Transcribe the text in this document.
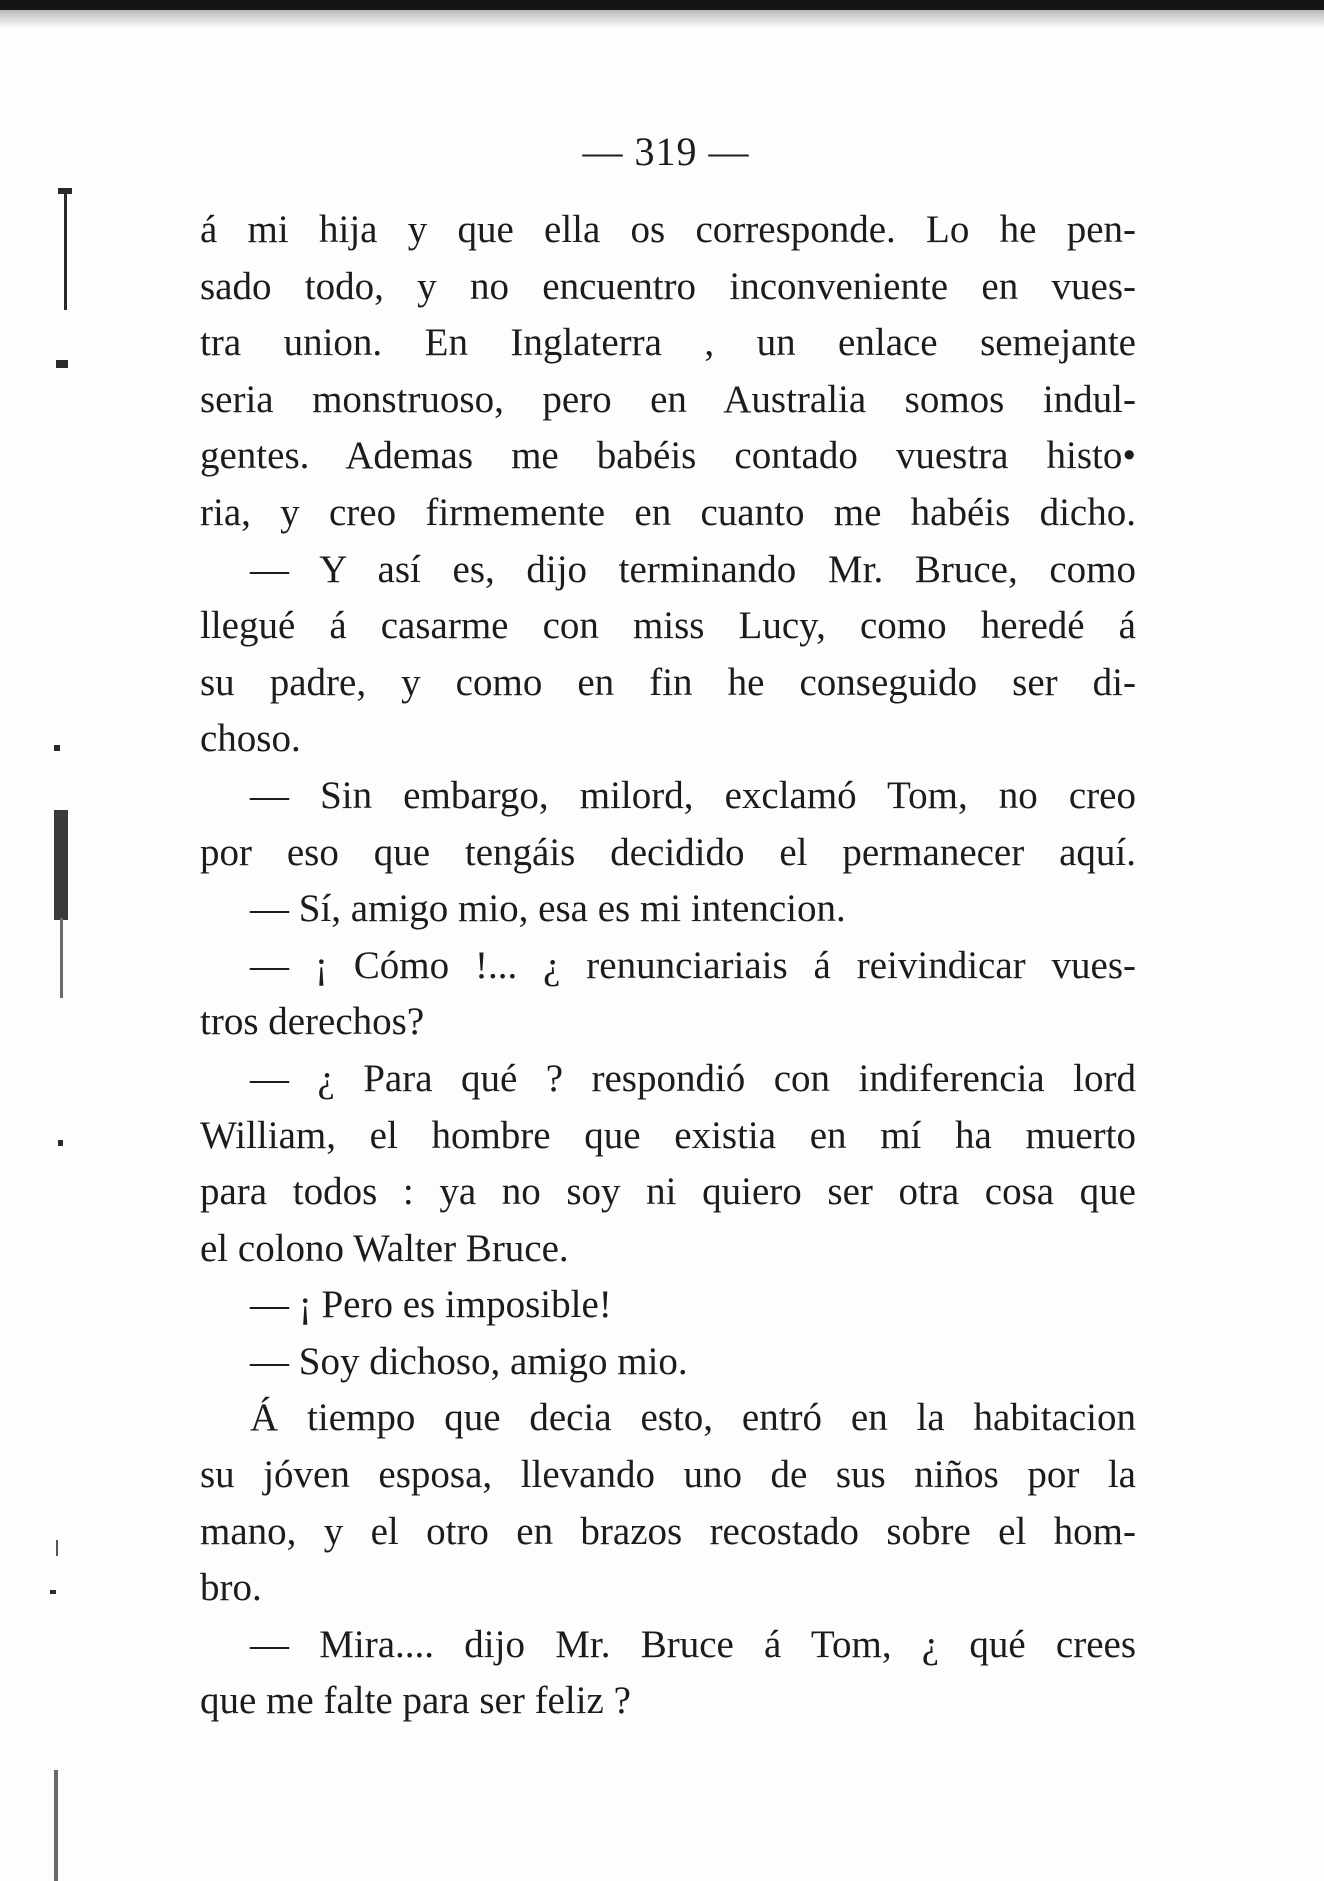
— 319 —
á mi hija y que ella os corresponde. Lo he pen-
sado todo, y no encuentro inconveniente en vues-
tra union. En Inglaterra , un enlace semejante
seria monstruoso, pero en Australia somos indul-
gentes. Ademas me babéis contado vuestra histo•
ria, y creo firmemente en cuanto me habéis dicho.
— Y así es, dijo terminando Mr. Bruce, como
llegué á casarme con miss Lucy, como heredé á
su padre, y como en fin he conseguido ser di-
choso.
— Sin embargo, milord, exclamó Tom, no creo
por eso que tengáis decidido el permanecer aquí.
— Sí, amigo mio, esa es mi intencion.
— ¡ Cómo !... ¿ renunciariais á reivindicar vues-
tros derechos?
— ¿ Para qué ? respondió con indiferencia lord
William, el hombre que existia en mí ha muerto
para todos : ya no soy ni quiero ser otra cosa que
el colono Walter Bruce.
— ¡ Pero es imposible!
— Soy dichoso, amigo mio.
Á tiempo que decia esto, entró en la habitacion
su jóven esposa, llevando uno de sus niños por la
mano, y el otro en brazos recostado sobre el hom-
bro.
— Mira.... dijo Mr. Bruce á Tom, ¿ qué crees
que me falte para ser feliz ?
